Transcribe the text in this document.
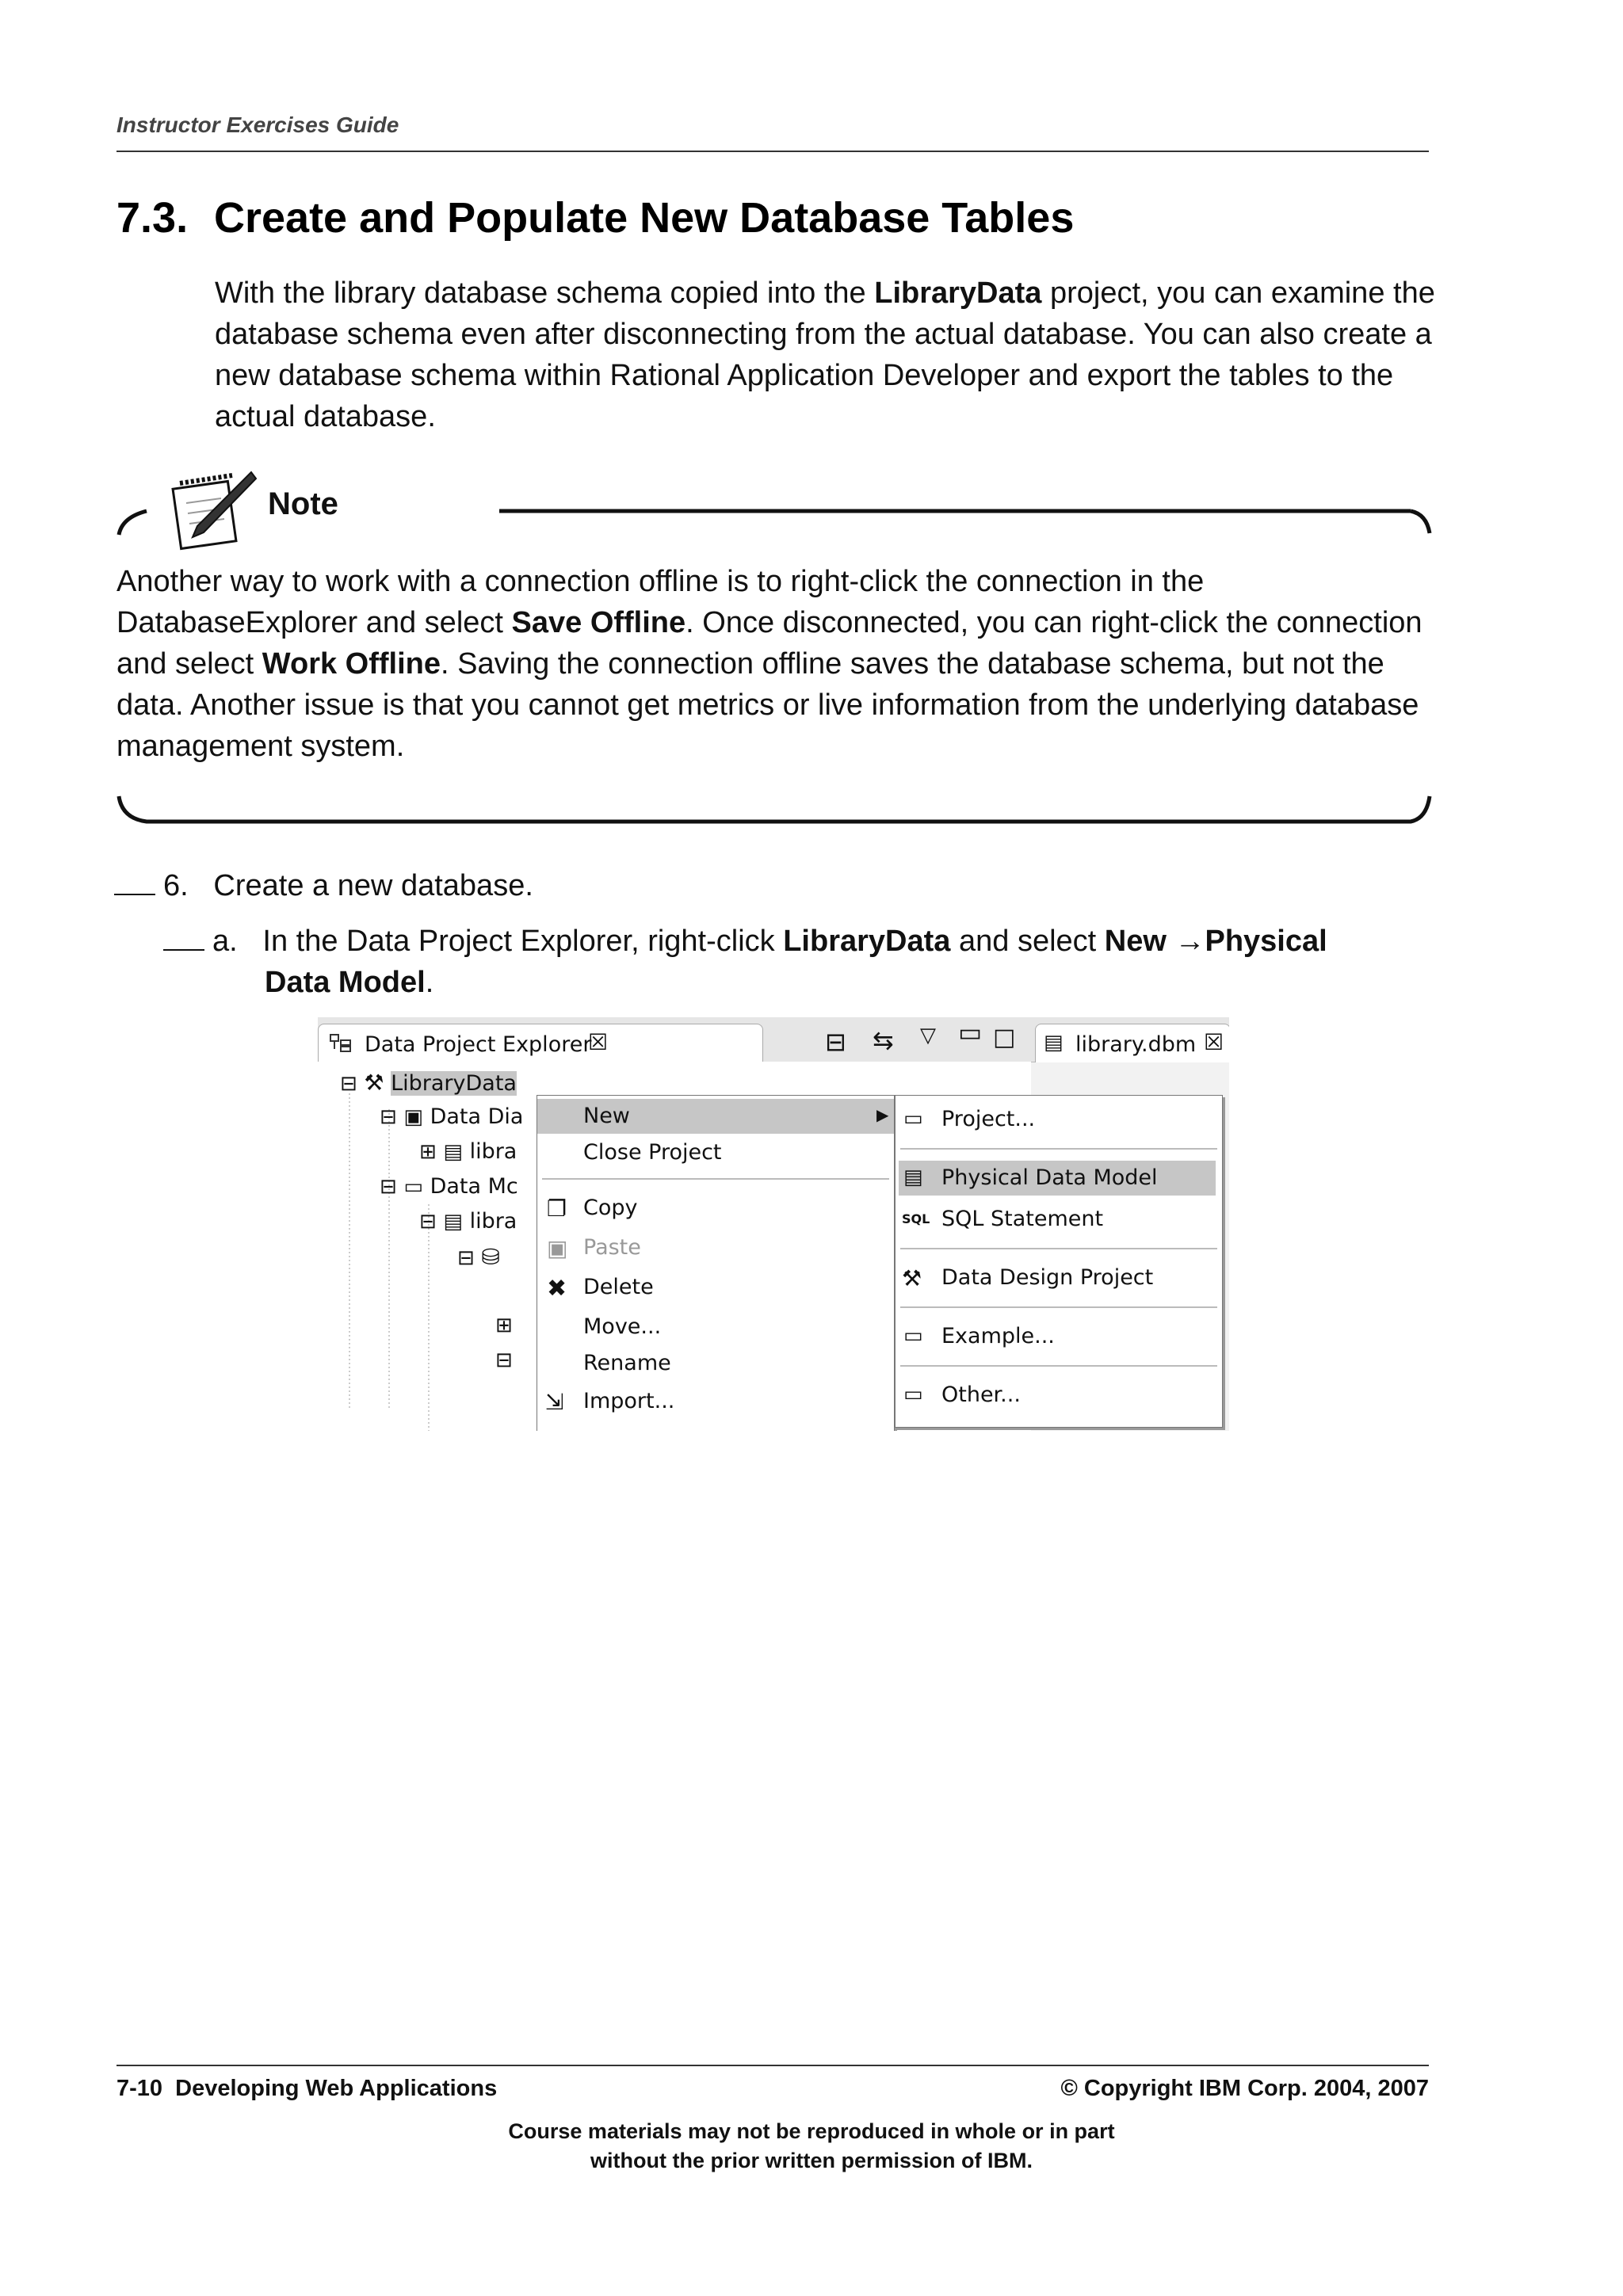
Instructor Exercises Guide
7.3. Create and Populate New Database Tables
With the library database schema copied into the LibraryData project, you can examine the database schema even after disconnecting from the actual database. You can also create a new database schema within Rational Application Developer and export the tables to the actual database.
Note
Another way to work with a connection offline is to right-click the connection in the DatabaseExplorer and select Save Offline. Once disconnected, you can right-click the connection and select Work Offline. Saving the connection offline saves the database schema, but not the data. Another issue is that you cannot get metrics or live information from the underlying database management system.
6. Create a new database.
a. In the Data Project Explorer, right-click LibraryData and select New →Physical
Data Model.
Data Project Explorer
☒	⊟ ⇆ ▽ ▭ □ ▤ library.dbm ☒
⊟ ⚒ LibraryData
⊟ ▣ Data Dia
⊞ ▤ libra
⊟ ▭ Data Mc
⊟ ▤ libra
⊟ ⛁
⊞
⊟
New	▶
Close Project
❐ Copy
▣ Paste
✖ Delete
Move...
Rename
⇲ Import...
▭ Project...
▤ Physical Data Model
SQL SQL Statement
⚒ Data Design Project
▭ Example...
▭ Other...
7-10  Developing Web Applications	© Copyright IBM Corp. 2004, 2007
Course materials may not be reproduced in whole or in part
without the prior written permission of IBM.
